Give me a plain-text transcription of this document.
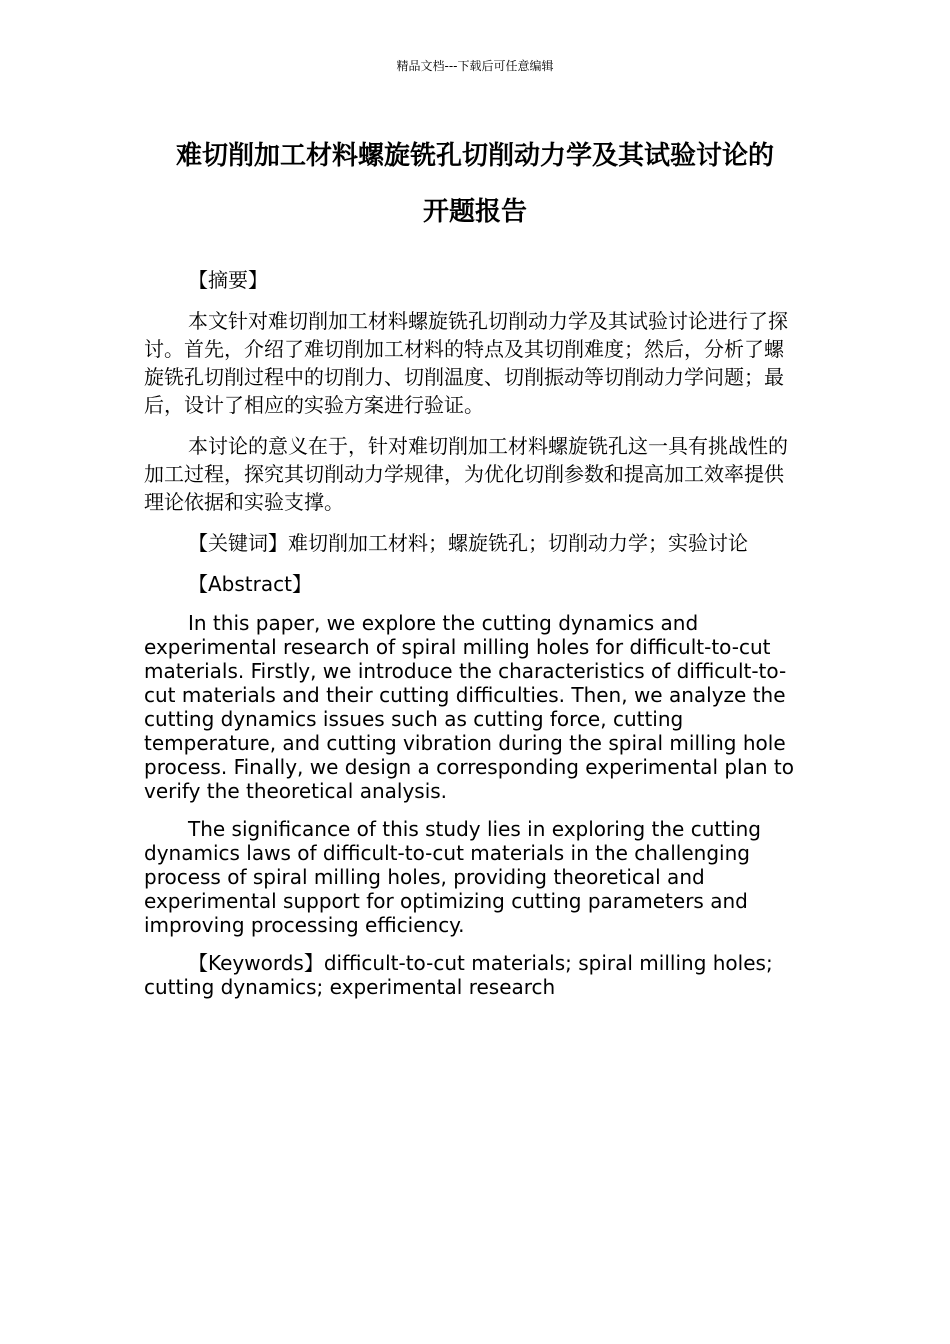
精品文档---下载后可任意编辑
难切削加工材料螺旋铣孔切削动力学及其试验讨论的
开题报告

【摘要】

本文针对难切削加工材料螺旋铣孔切削动力学及其试验讨论进行了探讨。首先，介绍了难切削加工材料的特点及其切削难度；然后，分析了螺旋铣孔切削过程中的切削力、切削温度、切削振动等切削动力学问题；最后，设计了相应的实验方案进行验证。

本讨论的意义在于，针对难切削加工材料螺旋铣孔这一具有挑战性的加工过程，探究其切削动力学规律，为优化切削参数和提高加工效率提供理论依据和实验支撑。

【关键词】难切削加工材料；螺旋铣孔；切削动力学；实验讨论

【Abstract】

In this paper, we explore the cutting dynamics and experimental research of spiral milling holes for difficult-to-cut materials. Firstly, we introduce the characteristics of difficult-to-cut materials and their cutting difficulties. Then, we analyze the cutting dynamics issues such as cutting force, cutting temperature, and cutting vibration during the spiral milling hole process. Finally, we design a corresponding experimental plan to verify the theoretical analysis.

The significance of this study lies in exploring the cutting dynamics laws of difficult-to-cut materials in the challenging process of spiral milling holes, providing theoretical and experimental support for optimizing cutting parameters and improving processing efficiency.

【Keywords】difficult-to-cut materials; spiral milling holes; cutting dynamics; experimental research
